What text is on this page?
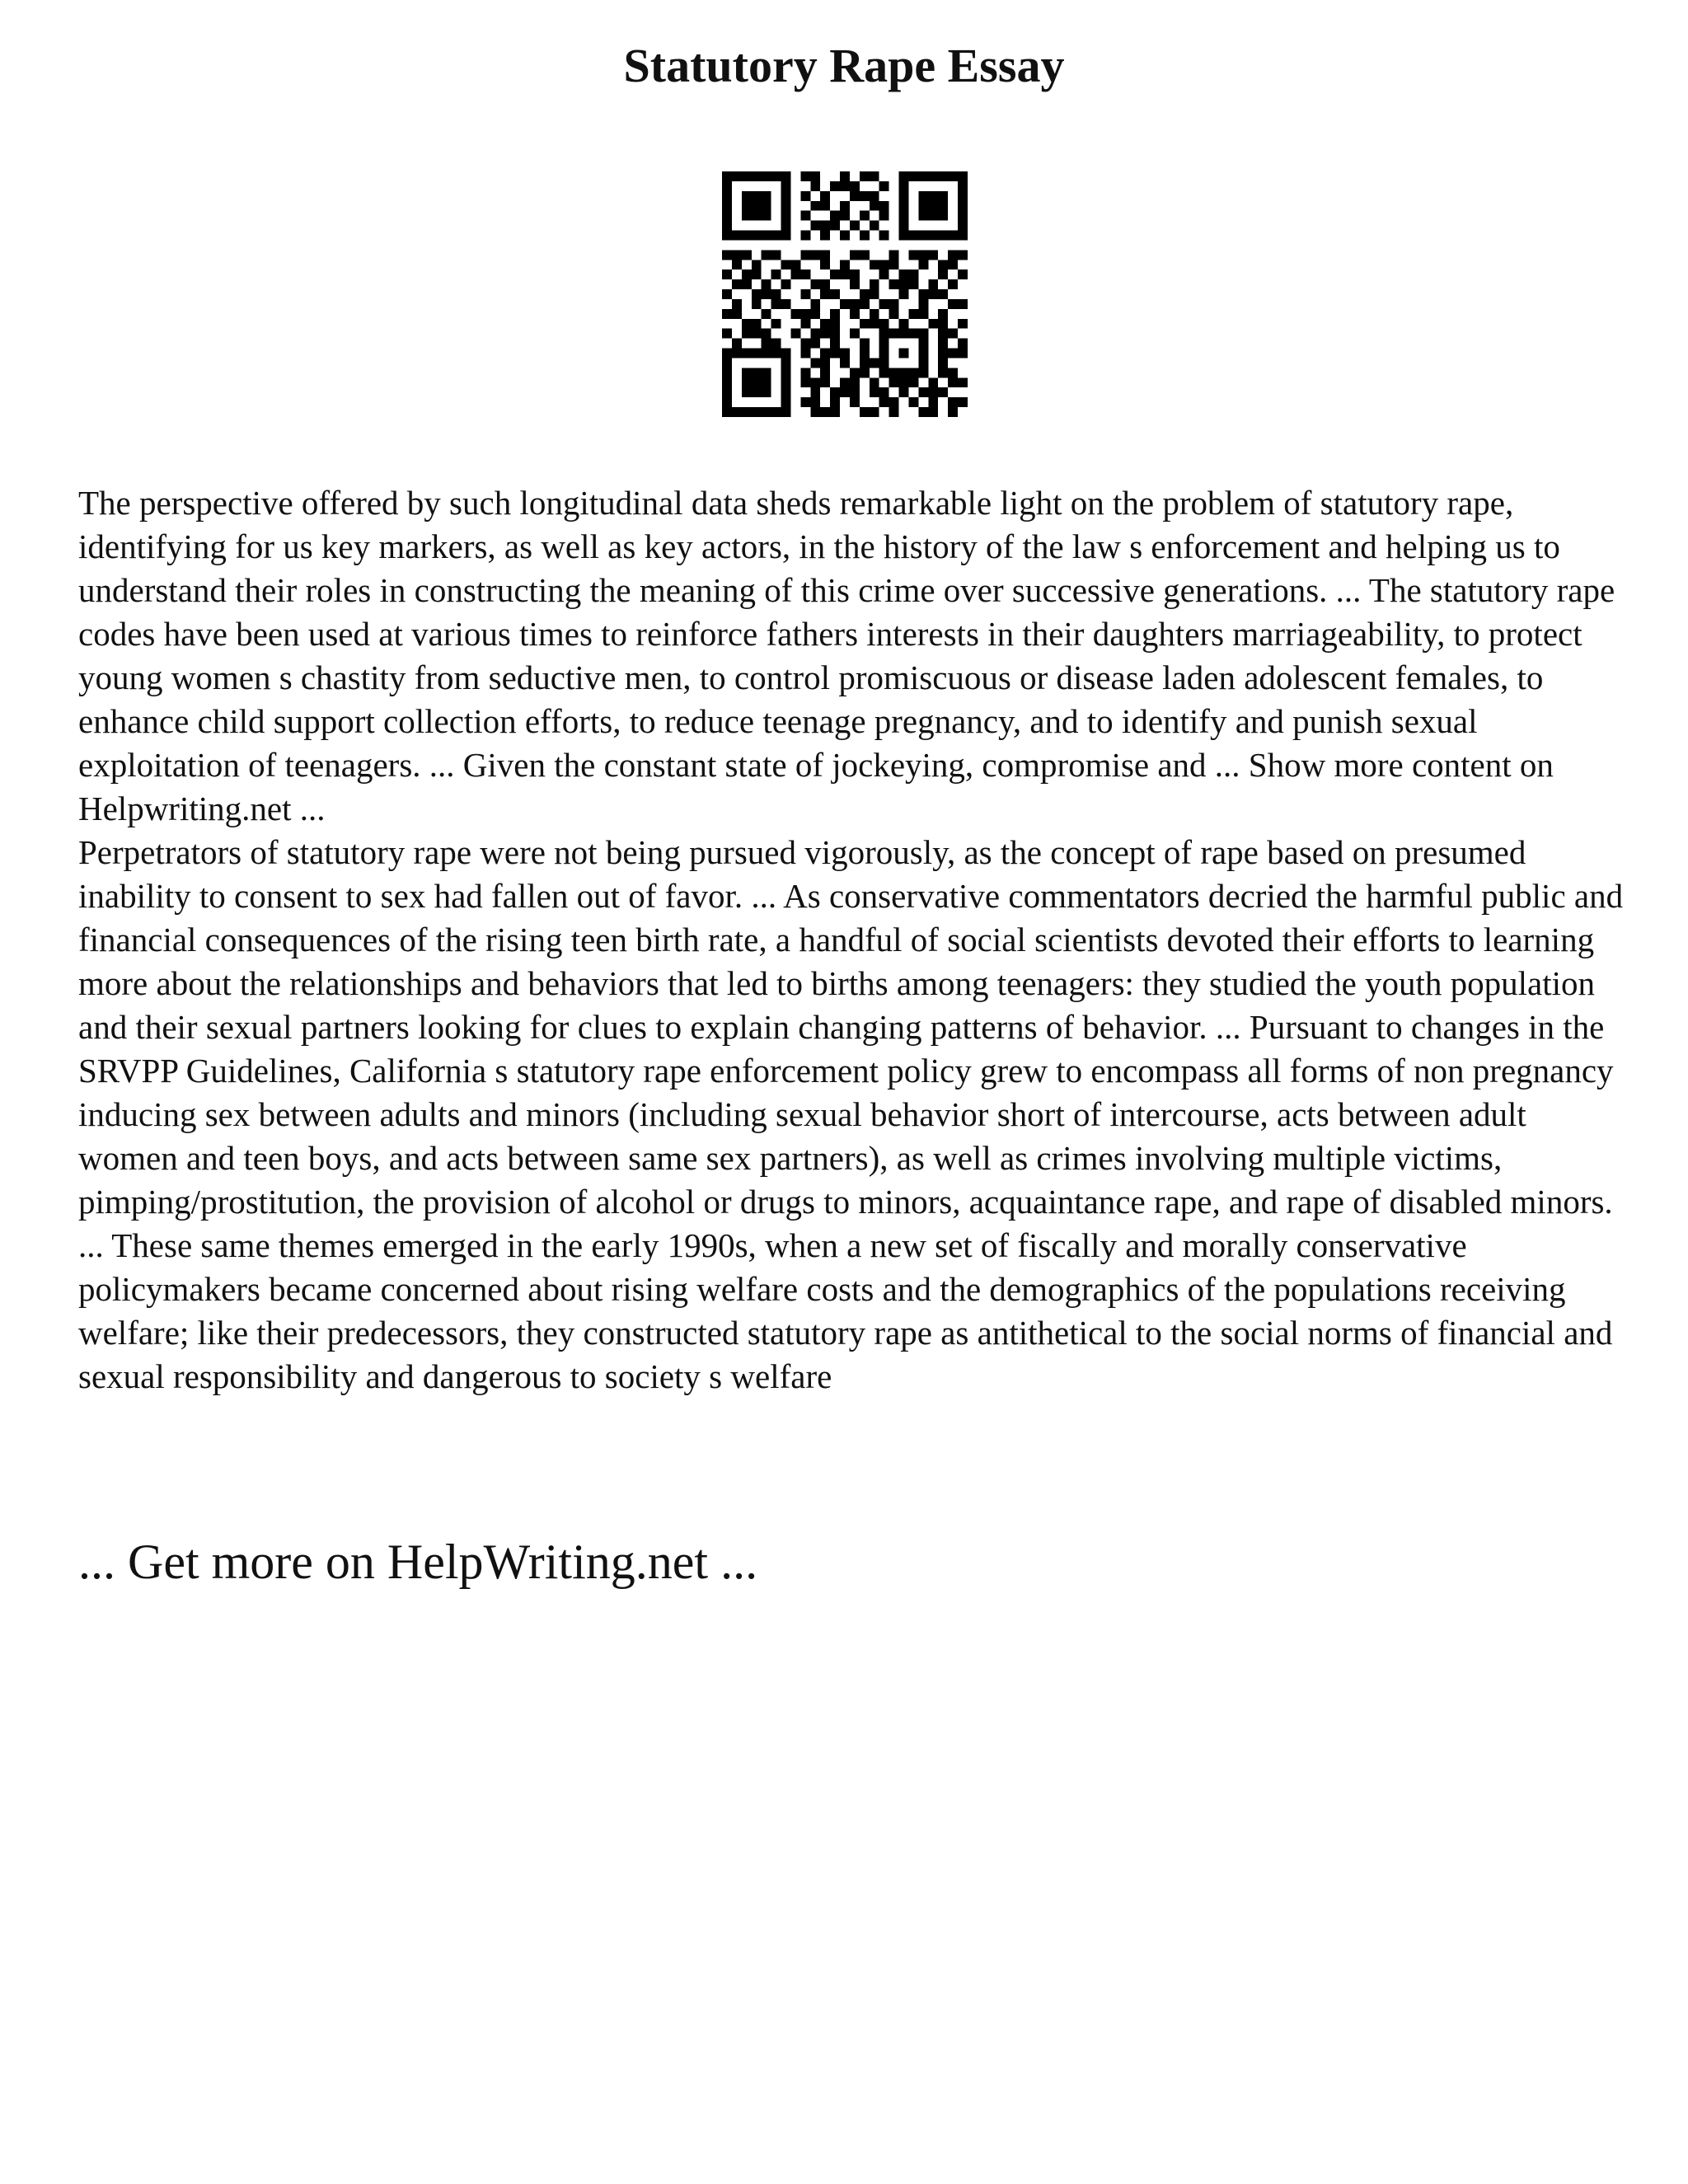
Statutory Rape Essay

The perspective offered by such longitudinal data sheds remarkable light on the problem of statutory rape, identifying for us key markers, as well as key actors, in the history of the law s enforcement and helping us to understand their roles in constructing the meaning of this crime over successive generations. ... The statutory rape codes have been used at various times to reinforce fathers interests in their daughters marriageability, to protect young women s chastity from seductive men, to control promiscuous or disease laden adolescent females, to enhance child support collection efforts, to reduce teenage pregnancy, and to identify and punish sexual exploitation of teenagers. ... Given the constant state of jockeying, compromise and ... Show more content on Helpwriting.net ...

Perpetrators of statutory rape were not being pursued vigorously, as the concept of rape based on presumed inability to consent to sex had fallen out of favor. ... As conservative commentators decried the harmful public and financial consequences of the rising teen birth rate, a handful of social scientists devoted their efforts to learning more about the relationships and behaviors that led to births among teenagers: they studied the youth population and their sexual partners looking for clues to explain changing patterns of behavior. ... Pursuant to changes in the SRVPP Guidelines, California s statutory rape enforcement policy grew to encompass all forms of non pregnancy inducing sex between adults and minors (including sexual behavior short of intercourse, acts between adult women and teen boys, and acts between same sex partners), as well as crimes involving multiple victims, pimping/prostitution, the provision of alcohol or drugs to minors, acquaintance rape, and rape of disabled minors. ... These same themes emerged in the early 1990s, when a new set of fiscally and morally conservative policymakers became concerned about rising welfare costs and the demographics of the populations receiving welfare; like their predecessors, they constructed statutory rape as antithetical to the social norms of financial and sexual responsibility and dangerous to society s welfare

... Get more on HelpWriting.net ...
